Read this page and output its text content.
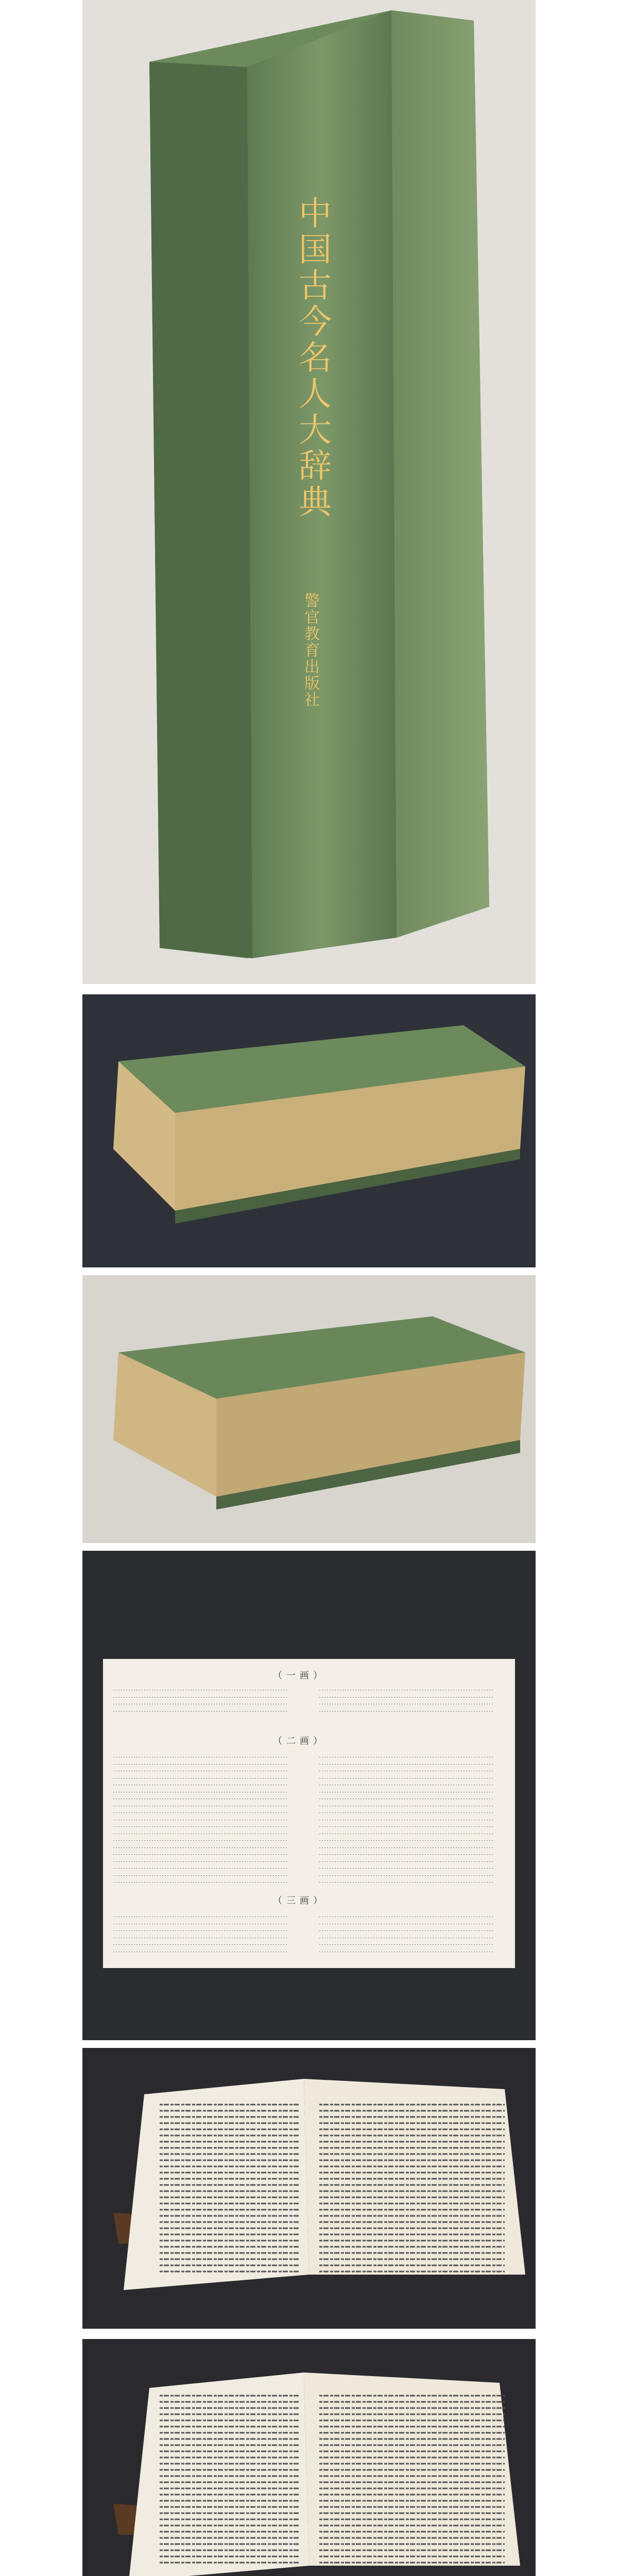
中国古今名人大辞典
警官教育出版社
（一画）
（二画）
（三画）
